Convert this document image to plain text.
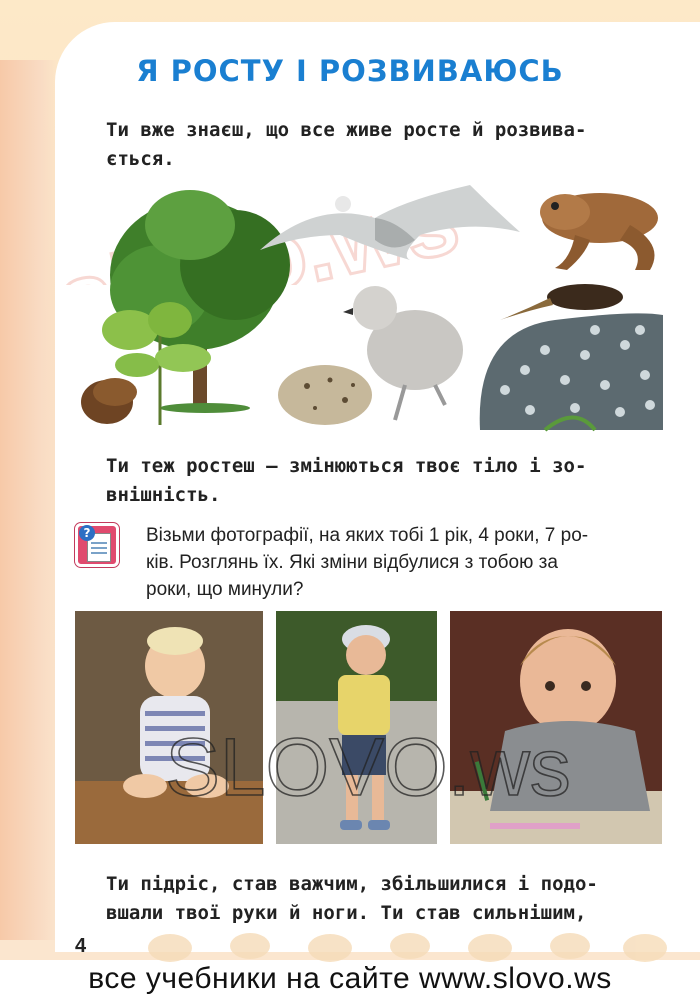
Я РОСТУ І РОЗВИВАЮСЬ
Ти вже знаєш, що все живе росте й розвива-
ється.
Ти теж ростеш – змінюються твоє тіло і зо-
внішність.
?	Візьми фотографії, на яких тобі 1 рік, 4 роки, 7 ро-
ків. Розглянь їх. Які зміни відбулися з тобою за
роки, що минули?
SLOVO.ws
Ти підріс, став важчим, збільшилися і подо-
вшали твої руки й ноги. Ти став сильнішим,
4
все учебники на сайте www.slovo.ws
